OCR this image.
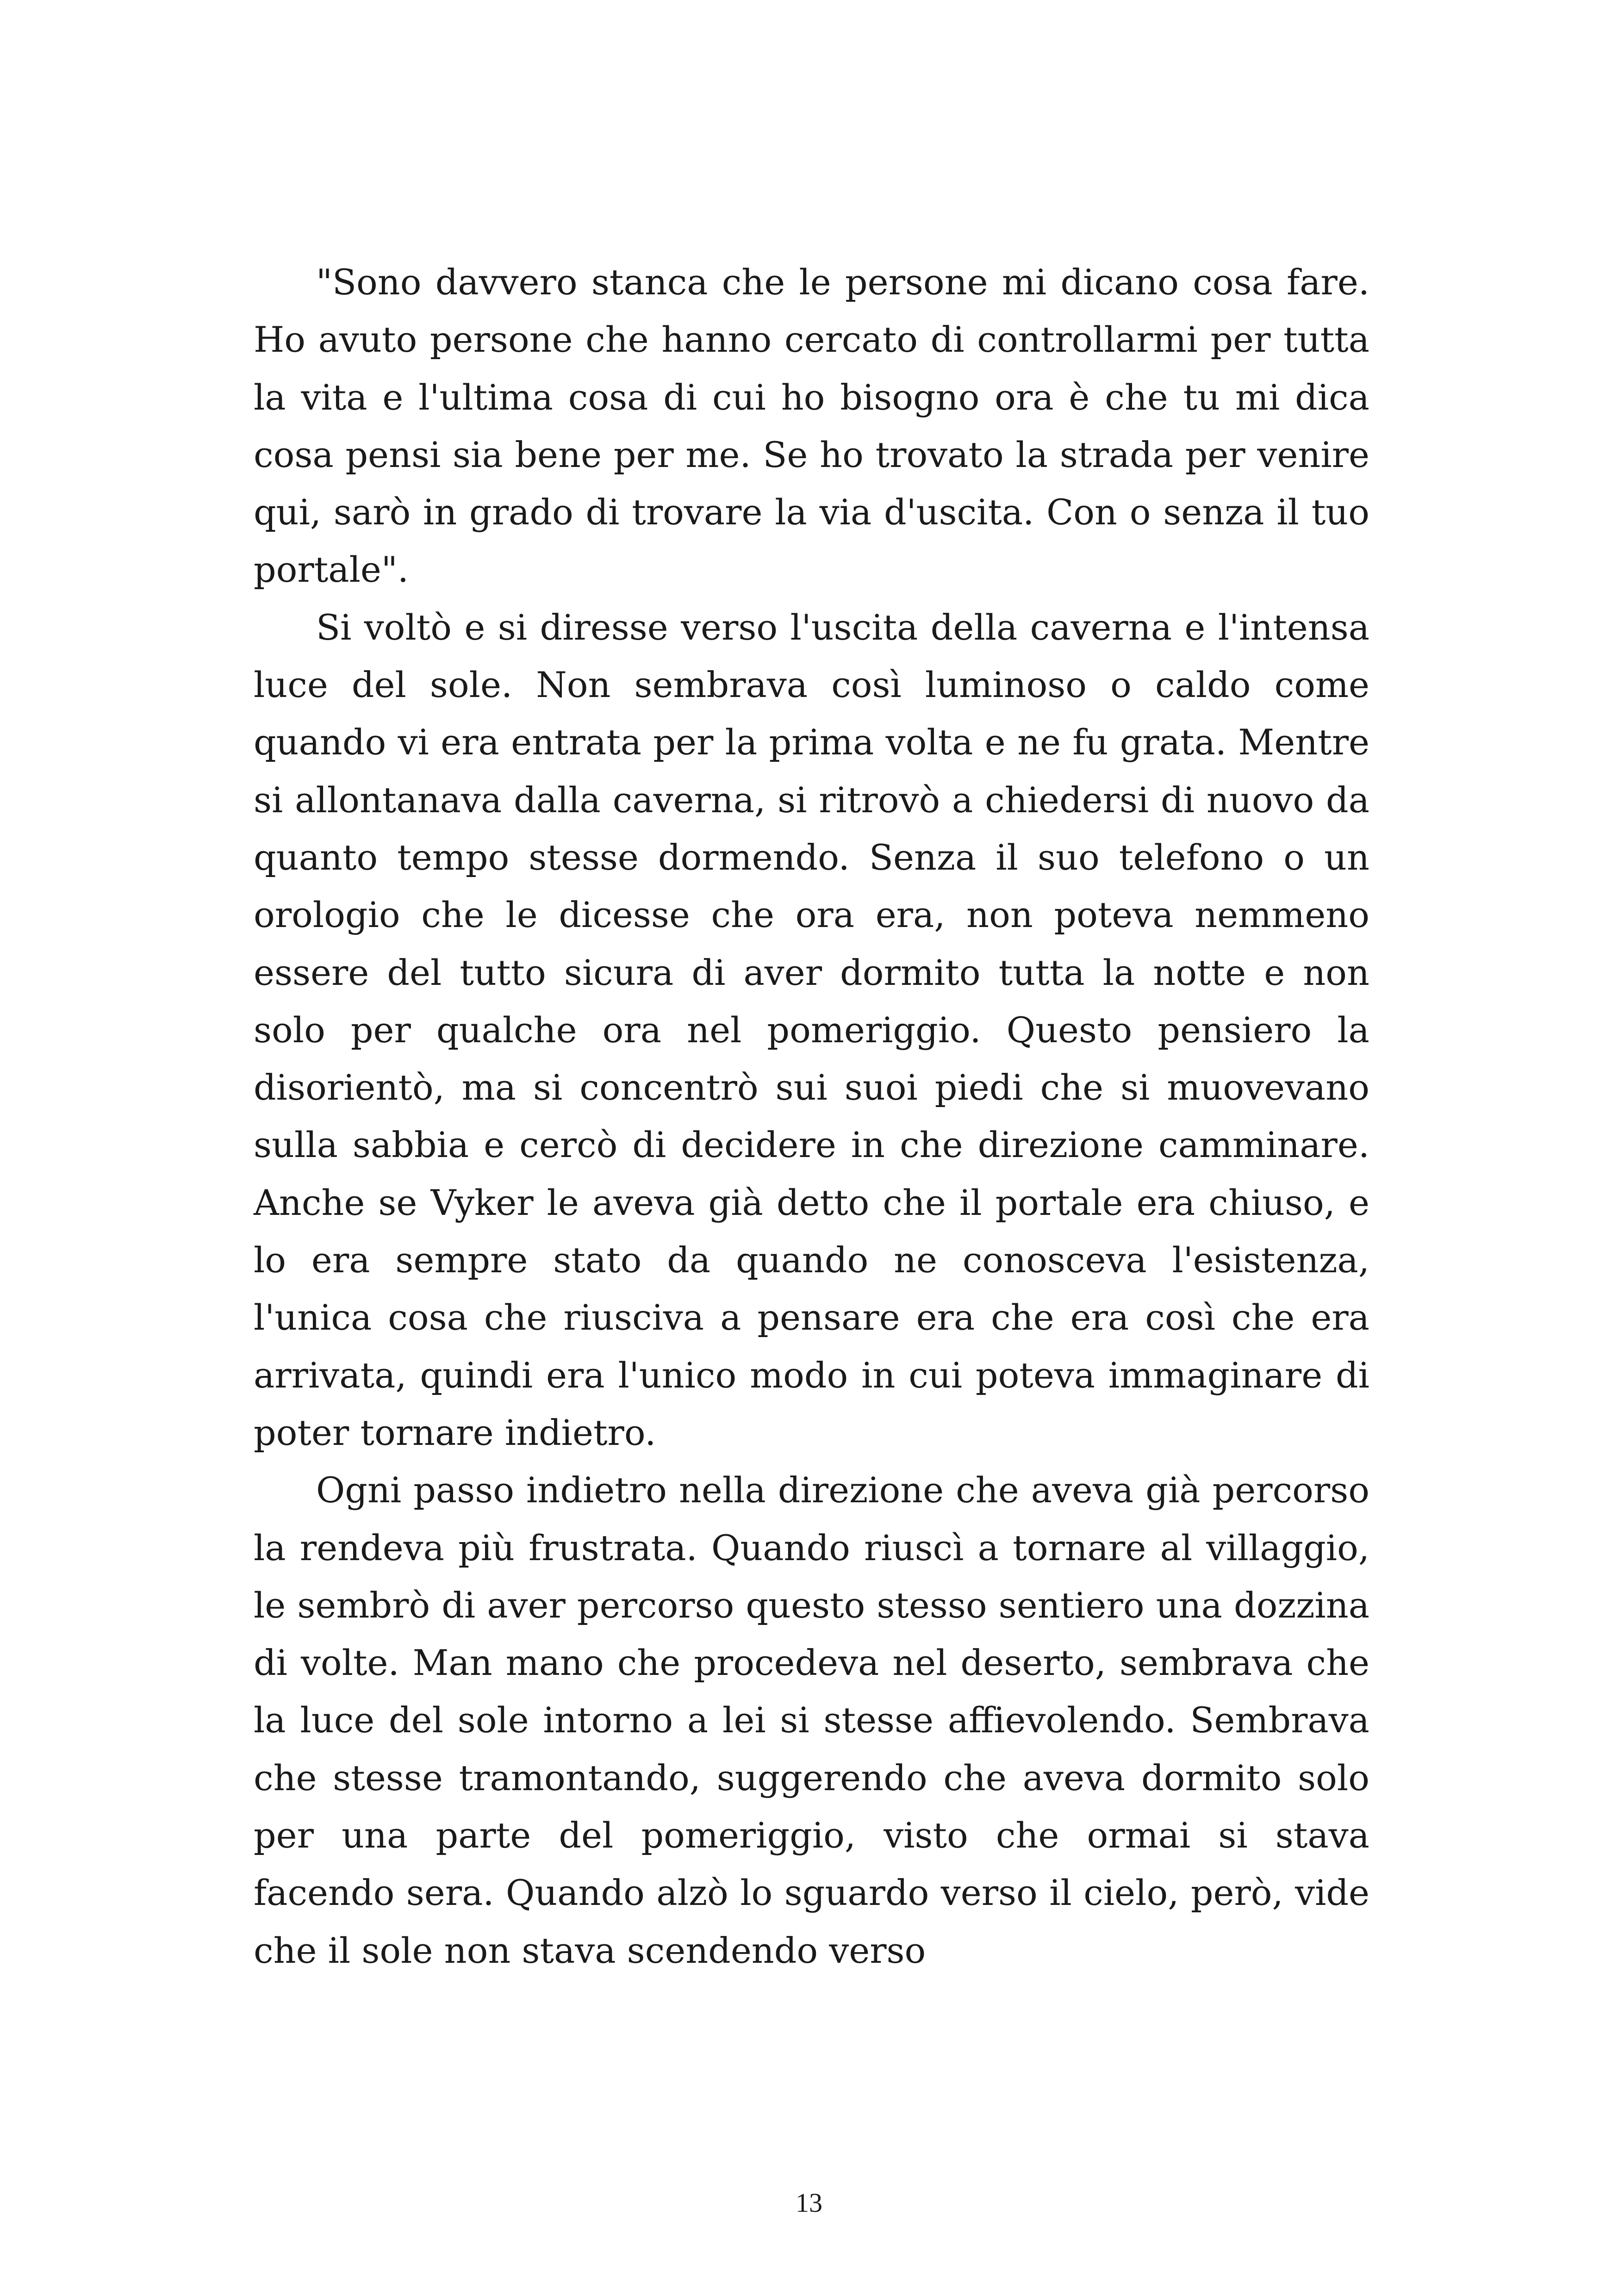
"Sono davvero stanca che le persone mi dicano cosa fare. Ho avuto persone che hanno cercato di controllarmi per tutta la vita e l'ultima cosa di cui ho bisogno ora è che tu mi dica cosa pensi sia bene per me. Se ho trovato la strada per venire qui, sarò in grado di trovare la via d'uscita. Con o senza il tuo portale".

Si voltò e si diresse verso l'uscita della caverna e l'intensa luce del sole. Non sembrava così luminoso o caldo come quando vi era entrata per la prima volta e ne fu grata. Mentre si allontanava dalla caverna, si ritrovò a chiedersi di nuovo da quanto tempo stesse dormendo. Senza il suo telefono o un orologio che le dicesse che ora era, non poteva nemmeno essere del tutto sicura di aver dormito tutta la notte e non solo per qualche ora nel pomeriggio. Questo pensiero la disorientò, ma si concentrò sui suoi piedi che si muovevano sulla sabbia e cercò di decidere in che direzione camminare. Anche se Vyker le aveva già detto che il portale era chiuso, e lo era sempre stato da quando ne conosceva l'esistenza, l'unica cosa che riusciva a pensare era che era così che era arrivata, quindi era l'unico modo in cui poteva immaginare di poter tornare indietro.

Ogni passo indietro nella direzione che aveva già percorso la rendeva più frustrata. Quando riuscì a tornare al villaggio, le sembrò di aver percorso questo stesso sentiero una dozzina di volte. Man mano che procedeva nel deserto, sembrava che la luce del sole intorno a lei si stesse affievolendo. Sembrava che stesse tramontando, suggerendo che aveva dormito solo per una parte del pomeriggio, visto che ormai si stava facendo sera. Quando alzò lo sguardo verso il cielo, però, vide che il sole non stava scendendo verso

13
